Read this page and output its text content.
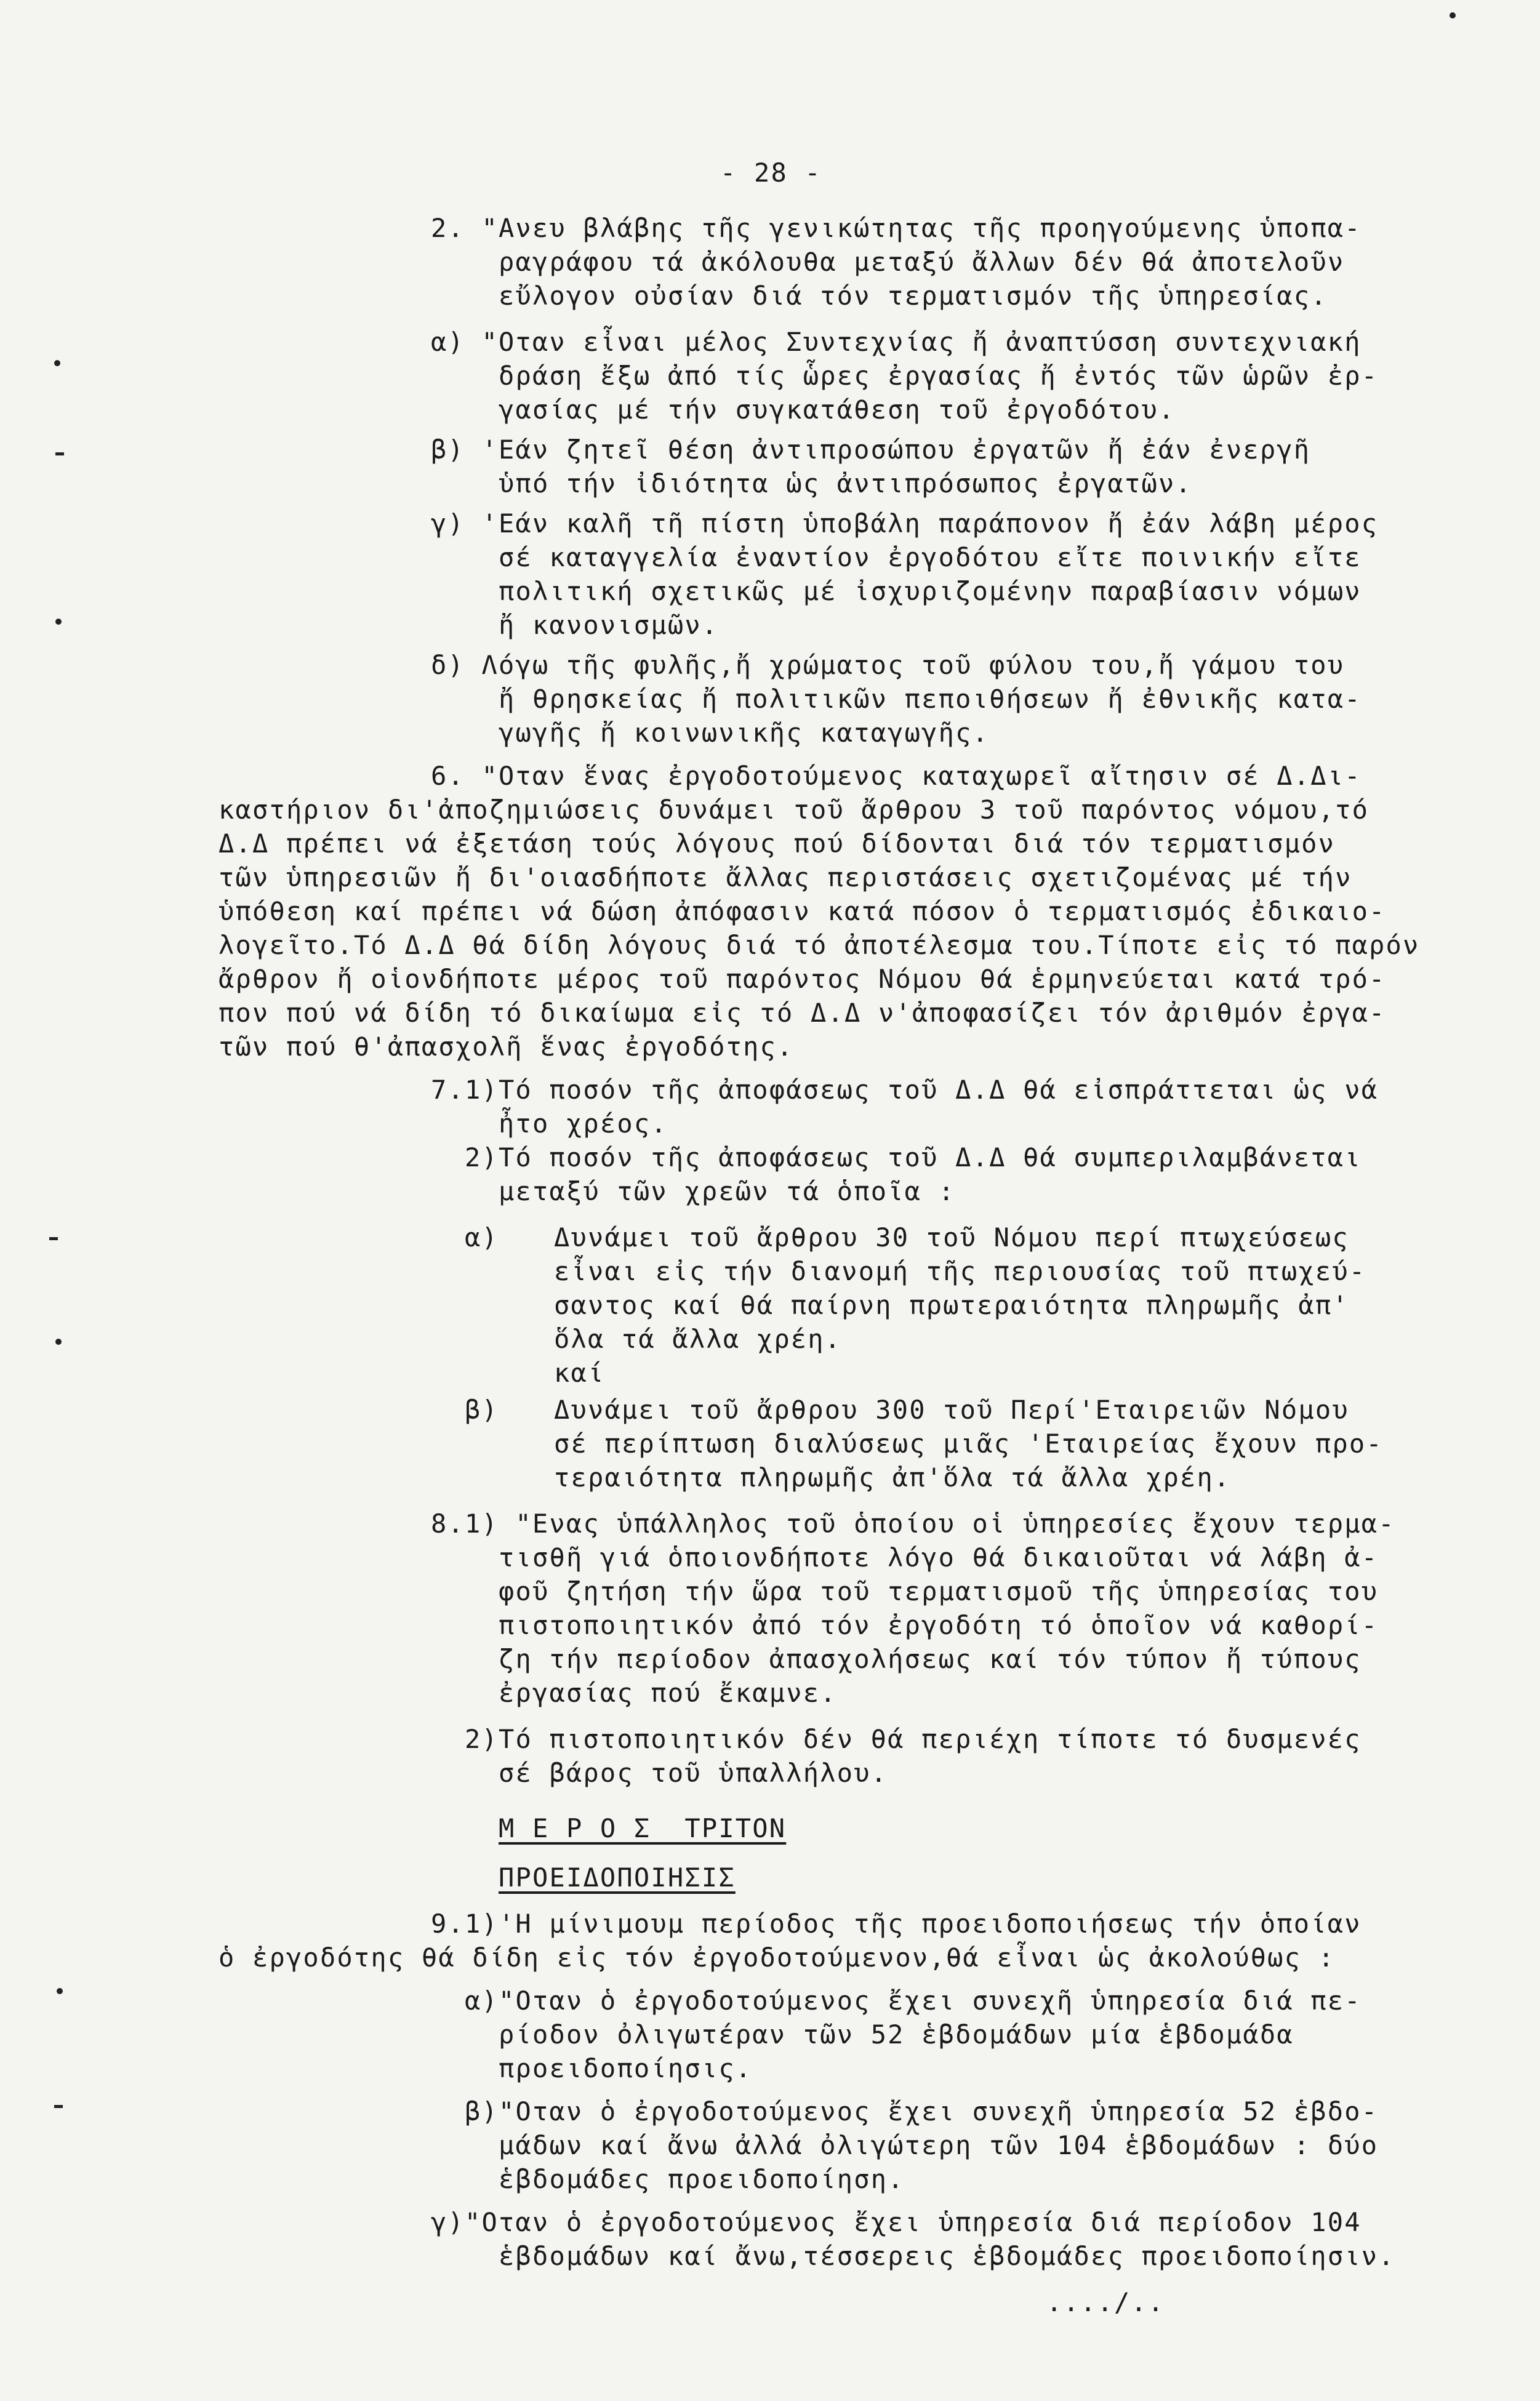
- 28 -
2. "Ανευ βλάβης τῆς γενικώτητας τῆς προηγούμενης ὑποπα-
ραγράφου τά ἀκόλουθα μεταξύ ἄλλων δέν θά ἀποτελοῦν
εὔλογον οὐσίαν διά τόν τερματισμόν τῆς ὑπηρεσίας.
α) "Οταν εἶναι μέλος Συντεχνίας ἤ ἀναπτύσση συντεχνιακή
δράση ἔξω ἀπό τίς ὧρες ἐργασίας ἤ ἐντός τῶν ὡρῶν ἐρ-
γασίας μέ τήν συγκατάθεση τοῦ ἐργοδότου.
β) 'Εάν ζητεῖ θέση ἀντιπροσώπου ἐργατῶν ἤ ἐάν ἐνεργῆ
ὑπό τήν ἰδιότητα ὡς ἀντιπρόσωπος ἐργατῶν.
γ) 'Εάν καλῆ τῆ πίστη ὑποβάλη παράπονον ἤ ἐάν λάβη μέρος
σέ καταγγελία ἐναντίον ἐργοδότου εἴτε ποινικήν εἴτε
πολιτική σχετικῶς μέ ἰσχυριζομένην παραβίασιν νόμων
ἤ κανονισμῶν.
δ) Λόγω τῆς φυλῆς,ἤ χρώματος τοῦ φύλου του,ἤ γάμου του
ἤ θρησκείας ἤ πολιτικῶν πεποιθήσεων ἤ ἐθνικῆς κατα-
γωγῆς ἤ κοινωνικῆς καταγωγῆς.
6. "Οταν ἕνας ἐργοδοτούμενος καταχωρεῖ αἴτησιν σέ Δ.Δι-
καστήριον δι'ἀποζημιώσεις δυνάμει τοῦ ἄρθρου 3 τοῦ παρόντος νόμου,τό
Δ.Δ πρέπει νά ἐξετάση τούς λόγους πού δίδονται διά τόν τερματισμόν
τῶν ὑπηρεσιῶν ἤ δι'οιασδήποτε ἄλλας περιστάσεις σχετιζομένας μέ τήν
ὑπόθεση καί πρέπει νά δώση ἀπόφασιν κατά πόσον ὁ τερματισμός ἐδικαιο-
λογεῖτο.Τό Δ.Δ θά δίδη λόγους διά τό ἀποτέλεσμα του.Τίποτε εἰς τό παρόν
ἄρθρον ἤ οἱονδήποτε μέρος τοῦ παρόντος Νόμου θά ἑρμηνεύεται κατά τρό-
πον πού νά δίδη τό δικαίωμα εἰς τό Δ.Δ ν'ἀποφασίζει τόν ἀριθμόν ἐργα-
τῶν πού θ'ἀπασχολῆ ἕνας ἐργοδότης.
7.1)Τό ποσόν τῆς ἀποφάσεως τοῦ Δ.Δ θά εἰσπράττεται ὡς νά
ἦτο χρέος.
2)Τό ποσόν τῆς ἀποφάσεως τοῦ Δ.Δ θά συμπεριλαμβάνεται
μεταξύ τῶν χρεῶν τά ὁποῖα :
α) Δυνάμει τοῦ ἄρθρου 30 τοῦ Νόμου περί πτωχεύσεως
εἶναι εἰς τήν διανομή τῆς περιουσίας τοῦ πτωχεύ-
σαντος καί θά παίρνη πρωτεραιότητα πληρωμῆς ἀπ'
ὅλα τά ἄλλα χρέη.
καί
β) Δυνάμει τοῦ ἄρθρου 300 τοῦ Περί'Εταιρειῶν Νόμου
σέ περίπτωση διαλύσεως μιᾶς 'Εταιρείας ἔχουν προ-
τεραιότητα πληρωμῆς ἀπ'ὅλα τά ἄλλα χρέη.
8.1) "Ενας ὑπάλληλος τοῦ ὁποίου οἱ ὑπηρεσίες ἔχουν τερμα-
τισθῆ γιά ὁποιονδήποτε λόγο θά δικαιοῦται νά λάβη ἀ-
φοῦ ζητήση τήν ὥρα τοῦ τερματισμοῦ τῆς ὑπηρεσίας του
πιστοποιητικόν ἀπό τόν ἐργοδότη τό ὁποῖον νά καθορί-
ζη τήν περίοδον ἀπασχολήσεως καί τόν τύπον ἤ τύπους
ἐργασίας πού ἔκαμνε.
2)Τό πιστοποιητικόν δέν θά περιέχη τίποτε τό δυσμενές
σέ βάρος τοῦ ὑπαλλήλου.
Μ Ε Ρ Ο Σ  ΤΡΙΤΟΝ
ΠΡΟΕΙΔΟΠΟΙΗΣΙΣ
9.1)'Η μίνιμουμ περίοδος τῆς προειδοποιήσεως τήν ὁποίαν
ὁ ἐργοδότης θά δίδη εἰς τόν ἐργοδοτούμενον,θά εἶναι ὡς ἀκολούθως :
α)"Οταν ὁ ἐργοδοτούμενος ἔχει συνεχῆ ὑπηρεσία διά πε-
ρίοδον ὀλιγωτέραν τῶν 52 ἑβδομάδων μία ἑβδομάδα
προειδοποίησις.
β)"Οταν ὁ ἐργοδοτούμενος ἔχει συνεχῆ ὑπηρεσία 52 ἑβδο-
μάδων καί ἄνω ἀλλά ὀλιγώτερη τῶν 104 ἑβδομάδων : δύο
ἑβδομάδες προειδοποίηση.
γ)"Οταν ὁ ἐργοδοτούμενος ἔχει ὑπηρεσία διά περίοδον 104
ἑβδομάδων καί ἄνω,τέσσερεις ἑβδομάδες προειδοποίησιν.
..../..
